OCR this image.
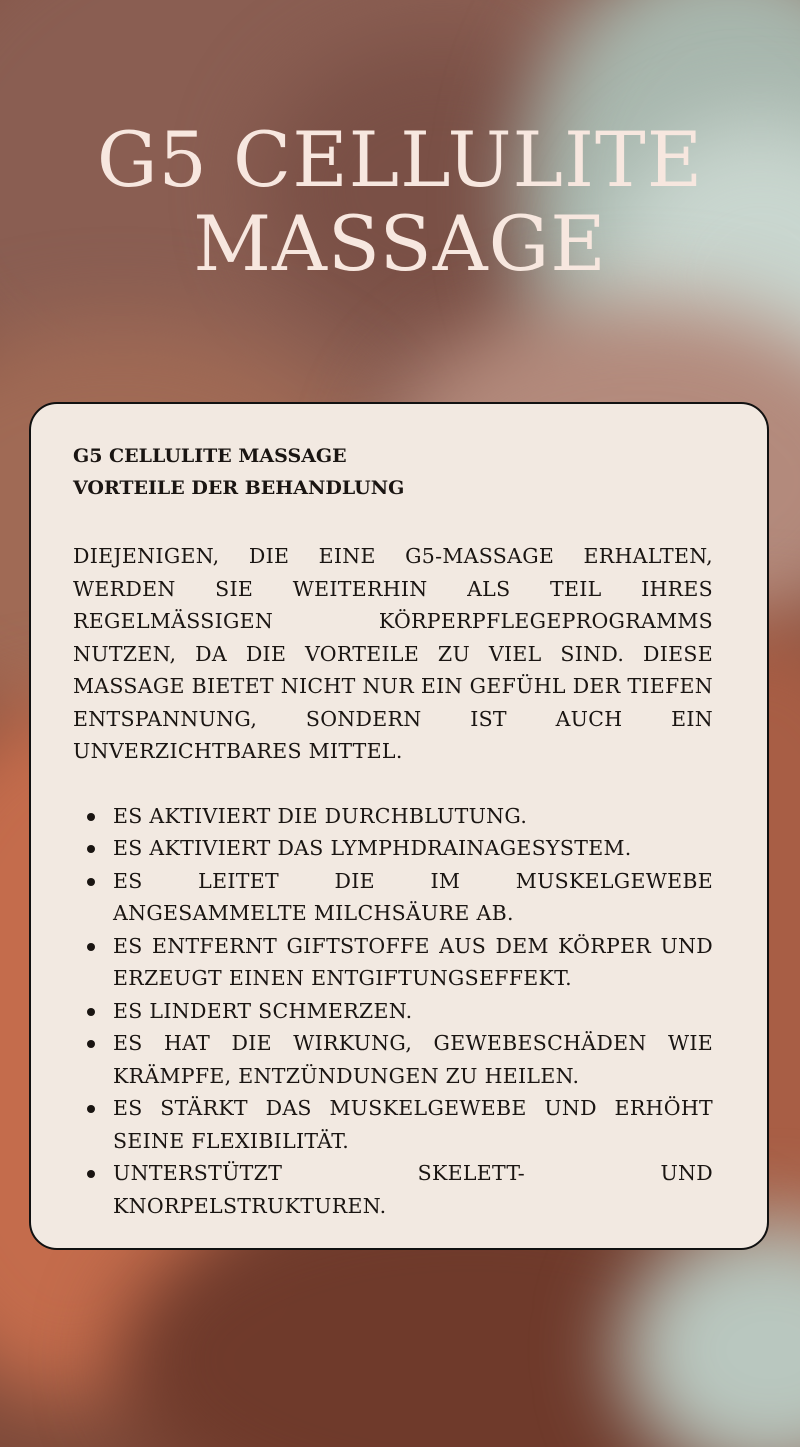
G5 CELLULITE
MASSAGE

G5 CELLULITE MASSAGE

VORTEILE DER BEHANDLUNG

DIEJENIGEN, DIE EINE G5-MASSAGE ERHALTEN, WERDEN SIE WEITERHIN ALS TEIL IHRES REGELMÄSSIGEN KÖRPERPFLEGEPROGRAMMS NUTZEN, DA DIE VORTEILE ZU VIEL SIND. DIESE MASSAGE BIETET NICHT NUR EIN GEFÜHL DER TIEFEN ENTSPANNUNG, SONDERN IST AUCH EIN UNVERZICHTBARES MITTEL.

ES AKTIVIERT DIE DURCHBLUTUNG.
ES AKTIVIERT DAS LYMPHDRAINAGESYSTEM.
ES LEITET DIE IM MUSKELGEWEBE ANGESAMMELTE MILCHSÄURE AB.
ES ENTFERNT GIFTSTOFFE AUS DEM KÖRPER UND ERZEUGT EINEN ENTGIFTUNGSEFFEKT.
ES LINDERT SCHMERZEN.
ES HAT DIE WIRKUNG, GEWEBESCHÄDEN WIE KRÄMPFE, ENTZÜNDUNGEN ZU HEILEN.
ES STÄRKT DAS MUSKELGEWEBE UND ERHÖHT SEINE FLEXIBILITÄT.
UNTERSTÜTZT SKELETT- UND KNORPELSTRUKTUREN.
